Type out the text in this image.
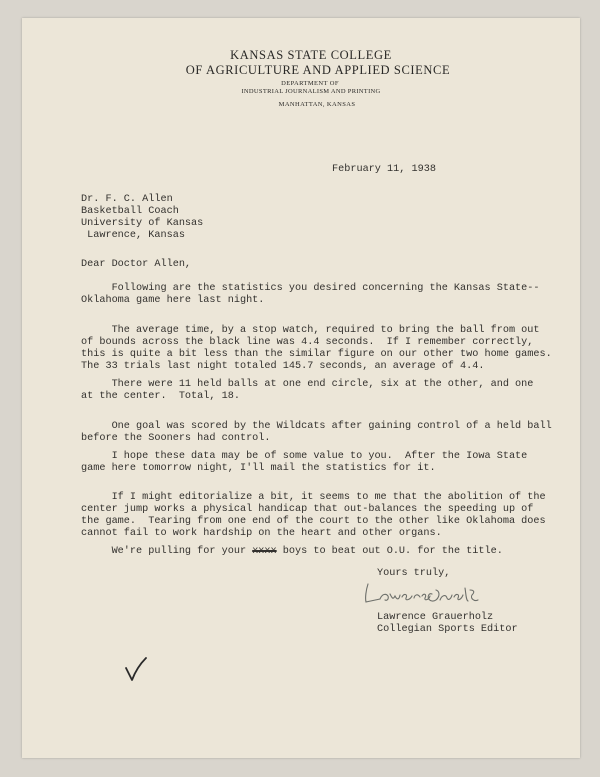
KANSAS STATE COLLEGE
OF AGRICULTURE AND APPLIED SCIENCE
DEPARTMENT OF
INDUSTRIAL JOURNALISM AND PRINTING
MANHATTAN, KANSAS
February 11, 1938
Dr. F. C. Allen
Basketball Coach
University of Kansas
Lawrence, Kansas
Dear Doctor Allen,
Following are the statistics you desired concerning the Kansas State--
Oklahoma game here last night.
The average time, by a stop watch, required to bring the ball from out
of bounds across the black line was 4.4 seconds.  If I remember correctly,
this is quite a bit less than the similar figure on our other two home games.
The 33 trials last night totaled 145.7 seconds, an average of 4.4.
There were 11 held balls at one end circle, six at the other, and one
at the center.  Total, 18.
One goal was scored by the Wildcats after gaining control of a held ball
before the Sooners had control.
I hope these data may be of some value to you.  After the Iowa State
game here tomorrow night, I'll mail the statistics for it.
If I might editorialize a bit, it seems to me that the abolition of the
center jump works a physical handicap that out-balances the speeding up of
the game.  Tearing from one end of the court to the other like Oklahoma does
cannot fail to work hardship on the heart and other organs.
We're pulling for your xxxx boys to beat out O.U. for the title.
Yours truly,
Lawrence Grauerholz
Collegian Sports Editor
